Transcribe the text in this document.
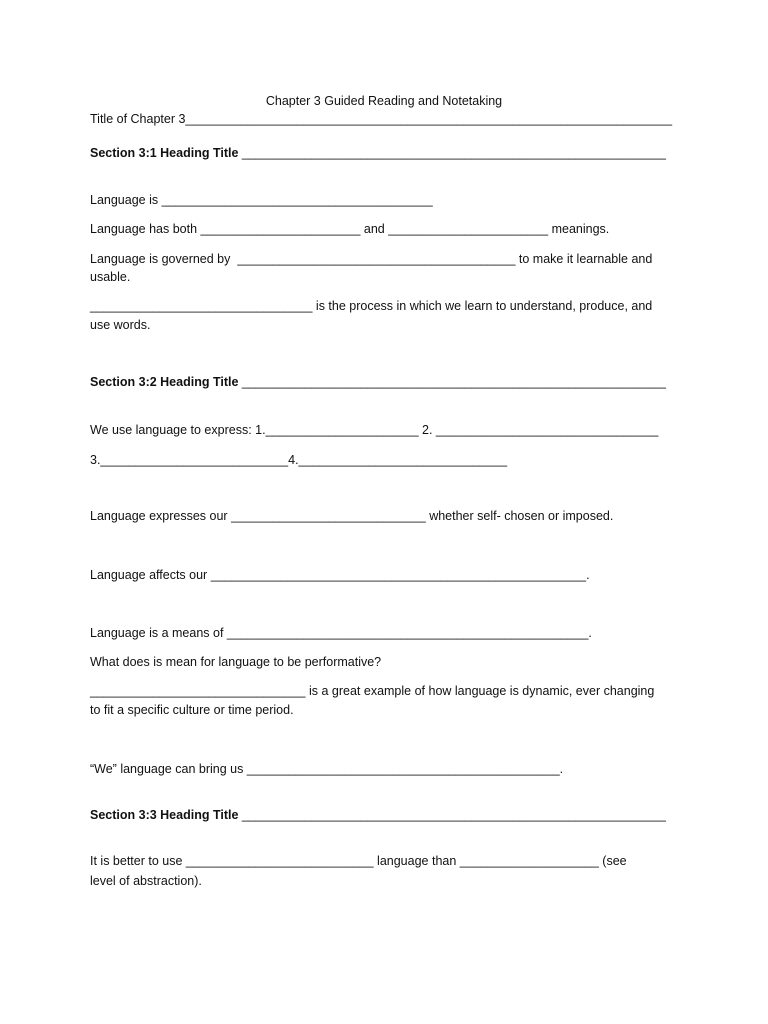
Chapter 3 Guided Reading and Notetaking
Title of Chapter 3______________________________________________________________________
Section 3:1 Heading Title _____________________________________________________________
Language is _______________________________________
Language has both _______________________ and _______________________ meanings.
Language is governed by  ________________________________________ to make it learnable and
usable.
________________________________ is the process in which we learn to understand, produce, and
use words.
Section 3:2 Heading Title _____________________________________________________________
We use language to express: 1.______________________ 2. ________________________________
3.___________________________4.______________________________
Language expresses our ____________________________ whether self- chosen or imposed.
Language affects our ______________________________________________________.
Language is a means of ____________________________________________________.
What does is mean for language to be performative?
_______________________________ is a great example of how language is dynamic, ever changing
to fit a specific culture or time period.
“We” language can bring us _____________________________________________.
Section 3:3 Heading Title _____________________________________________________________
It is better to use ___________________________ language than ____________________ (see
level of abstraction).
